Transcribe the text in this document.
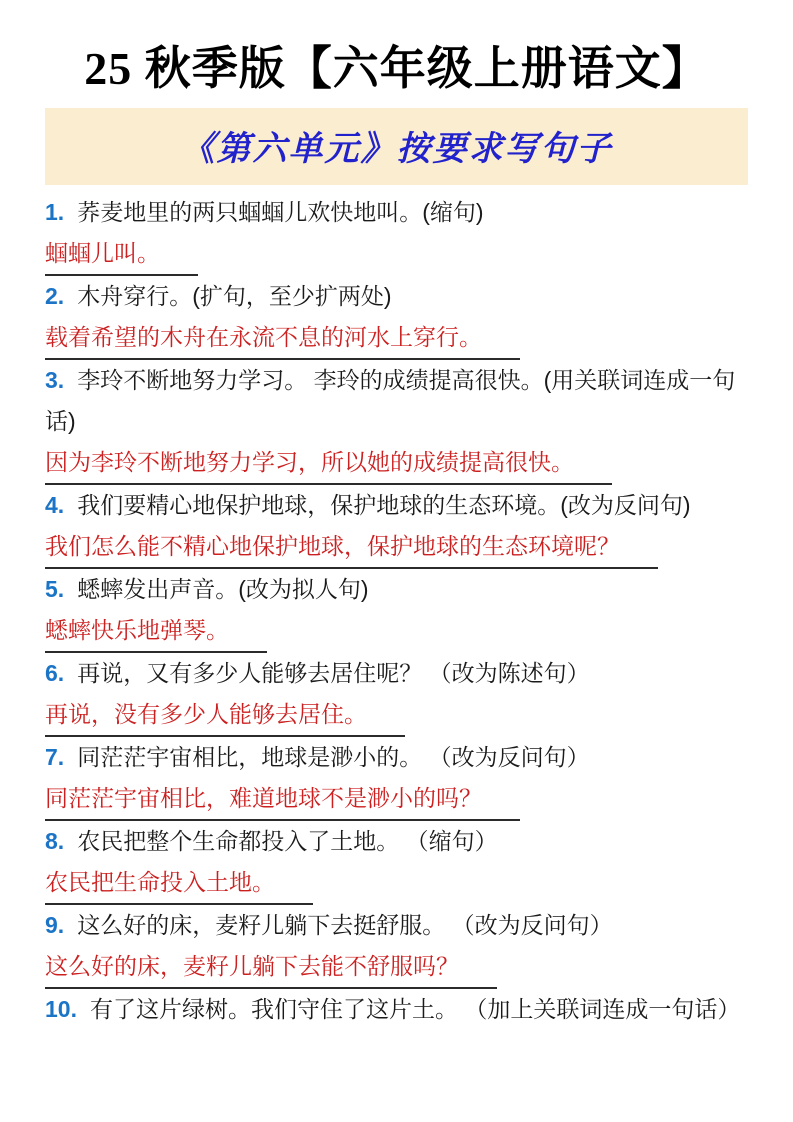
25 秋季版【六年级上册语文】
《第六单元》按要求写句子
1. 荞麦地里的两只蝈蝈儿欢快地叫。(缩句)
蝈蝈儿叫。
2. 木舟穿行。(扩句，至少扩两处)
载着希望的木舟在永流不息的河水上穿行。
3. 李玲不断地努力学习。 李玲的成绩提高很快。(用关联词连成一句话)
因为李玲不断地努力学习，所以她的成绩提高很快。
4. 我们要精心地保护地球，保护地球的生态环境。(改为反问句)
我们怎么能不精心地保护地球，保护地球的生态环境呢？
5. 蟋蟀发出声音。(改为拟人句)
蟋蟀快乐地弹琴。
6. 再说，又有多少人能够去居住呢？ （改为陈述句）
再说，没有多少人能够去居住。
7. 同茫茫宇宙相比，地球是渺小的。 （改为反问句）
同茫茫宇宙相比，难道地球不是渺小的吗？
8. 农民把整个生命都投入了土地。 （缩句）
农民把生命投入土地。
9. 这么好的床，麦籽儿躺下去挺舒服。 （改为反问句）
这么好的床，麦籽儿躺下去能不舒服吗？
10. 有了这片绿树。我们守住了这片土。 （加上关联词连成一句话）
